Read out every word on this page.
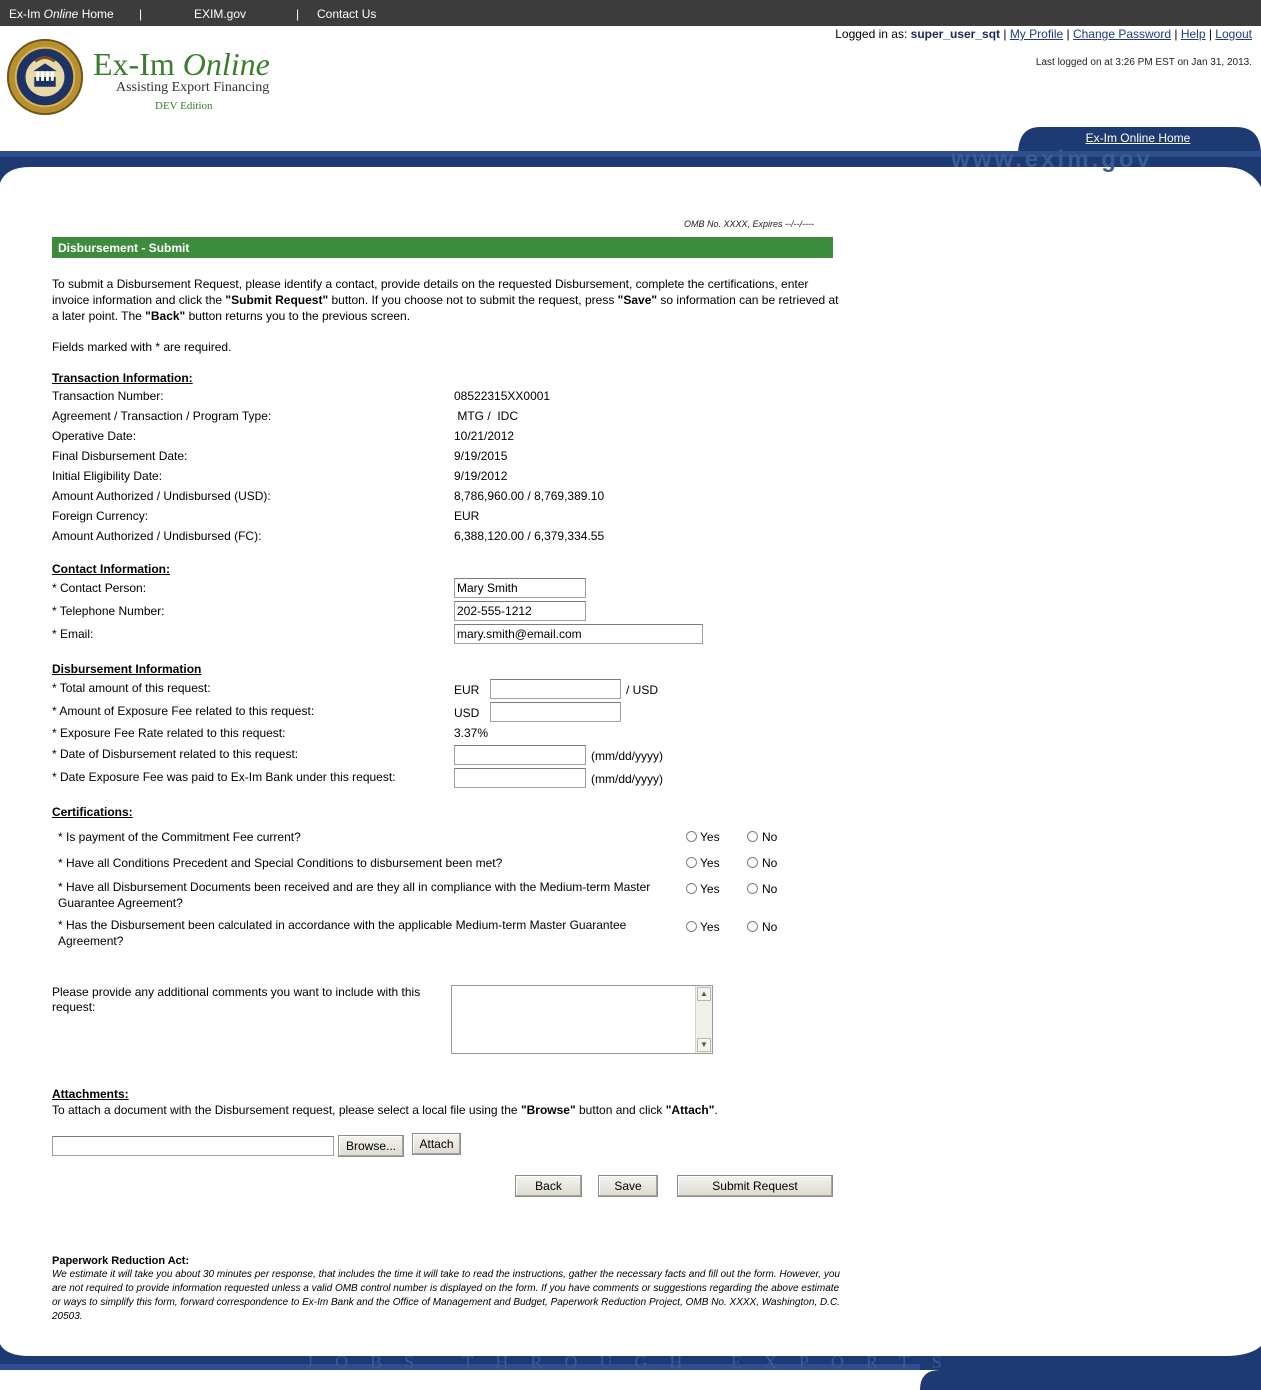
Ex-Im Online Home |	EXIM.gov	| Contact Us
Ex-Im Online
Assisting Export Financing
DEV Edition
Logged in as: super_user_sqt | My Profile | Change Password | Help | Logout
Last logged on at 3:26 PM EST on Jan 31, 2013.
www.exim.gov
Ex-Im Online Home
OMB No. XXXX, Expires --/--/----
Disbursement - Submit
To submit a Disbursement Request, please identify a contact, provide details on the requested Disbursement, complete the certifications, enter invoice information and click the "Submit Request" button. If you choose not to submit the request, press "Save" so information can be retrieved at a later point. The "Back" button returns you to the previous screen.
Fields marked with * are required.
Transaction Information:
Transaction Number:	08522315XX0001
Agreement / Transaction / Program Type:	MTG /  IDC
Operative Date:	10/21/2012
Final Disbursement Date:	9/19/2015
Initial Eligibility Date:	9/19/2012
Amount Authorized / Undisbursed (USD):	8,786,960.00 / 8,769,389.10
Foreign Currency:	EUR
Amount Authorized / Undisbursed (FC):	6,388,120.00 / 6,379,334.55
Contact Information:
* Contact Person:
Mary Smith
* Telephone Number:
202-555-1212
* Email:
mary.smith@email.com
Disbursement Information
* Total amount of this request:	EUR	/ USD
* Amount of Exposure Fee related to this request:	USD
* Exposure Fee Rate related to this request:	3.37%
* Date of Disbursement related to this request:	(mm/dd/yyyy)
* Date Exposure Fee was paid to Ex-Im Bank under this request:	(mm/dd/yyyy)
Certifications:
* Is payment of the Commitment Fee current?	Yes	No
* Have all Conditions Precedent and Special Conditions to disbursement been met?	Yes	No
* Have all Disbursement Documents been received and are they all in compliance with the Medium-term Master Guarantee Agreement?
Yes	No
* Has the Disbursement been calculated in accordance with the applicable Medium-term Master Guarantee Agreement?
Yes	No
Please provide any additional comments you want to include with this request:
▲
▼
Attachments:
To attach a document with the Disbursement request, please select a local file using the "Browse" button and click "Attach".
Browse...	Attach
Back	Save	Submit Request
Paperwork Reduction Act:
We estimate it will take you about 30 minutes per response, that includes the time it will take to read the instructions, gather the necessary facts and fill out the form. However, you are not required to provide information requested unless a valid OMB control number is displayed on the form. If you have comments or suggestions regarding the above estimate or ways to simplify this form, forward correspondence to Ex-Im Bank and the Office of Management and Budget, Paperwork Reduction Project, OMB No. XXXX, Washington, D.C. 20503.
JOBS THROUGH EXPORTS
